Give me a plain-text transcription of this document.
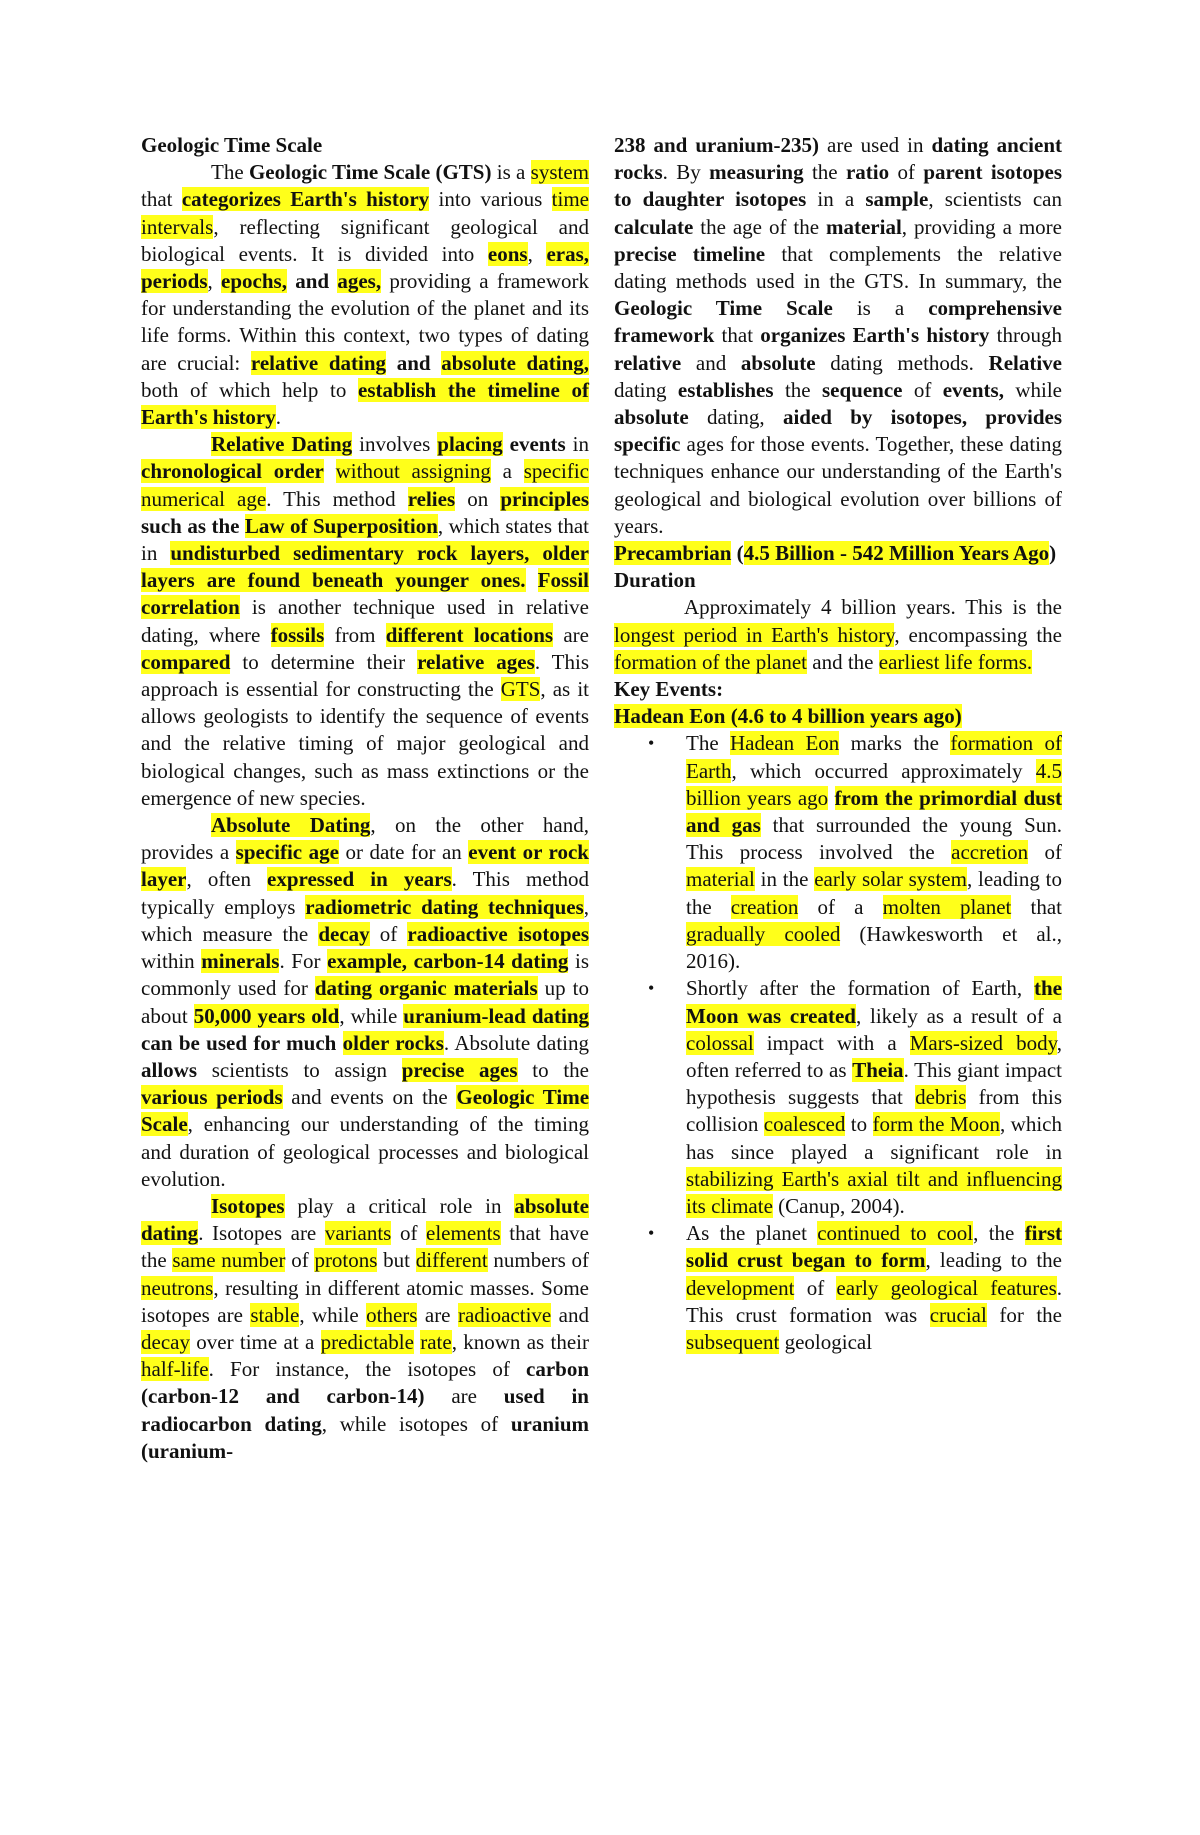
Geologic Time Scale

The Geologic Time Scale (GTS) is a system that categorizes Earth's history into various time intervals, reflecting significant geological and biological events. It is divided into eons, eras, periods, epochs, and ages, providing a framework for understanding the evolution of the planet and its life forms. Within this context, two types of dating are crucial: relative dating and absolute dating, both of which help to establish the timeline of Earth's history.

Relative Dating involves placing events in chronological order without assigning a specific numerical age. This method relies on principles such as the Law of Superposition, which states that in undisturbed sedimentary rock layers, older layers are found beneath younger ones. Fossil correlation is another technique used in relative dating, where fossils from different locations are compared to determine their relative ages. This approach is essential for constructing the GTS, as it allows geologists to identify the sequence of events and the relative timing of major geological and biological changes, such as mass extinctions or the emergence of new species.

Absolute Dating, on the other hand, provides a specific age or date for an event or rock layer, often expressed in years. This method typically employs radiometric dating techniques, which measure the decay of radioactive isotopes within minerals. For example, carbon-14 dating is commonly used for dating organic materials up to about 50,000 years old, while uranium-lead dating can be used for much older rocks. Absolute dating allows scientists to assign precise ages to the various periods and events on the Geologic Time Scale, enhancing our understanding of the timing and duration of geological processes and biological evolution.

Isotopes play a critical role in absolute dating. Isotopes are variants of elements that have the same number of protons but different numbers of neutrons, resulting in different atomic masses. Some isotopes are stable, while others are radioactive and decay over time at a predictable rate, known as their half-life. For instance, the isotopes of carbon (carbon-12 and carbon-14) are used in radiocarbon dating, while isotopes of uranium (uranium-

238 and uranium-235) are used in dating ancient rocks. By measuring the ratio of parent isotopes to daughter isotopes in a sample, scientists can calculate the age of the material, providing a more precise timeline that complements the relative dating methods used in the GTS. In summary, the Geologic Time Scale is a comprehensive framework that organizes Earth's history through relative and absolute dating methods. Relative dating establishes the sequence of events, while absolute dating, aided by isotopes, provides specific ages for those events. Together, these dating techniques enhance our understanding of the Earth's geological and biological evolution over billions of years.

Precambrian (4.5 Billion - 542 Million Years Ago)

Duration

Approximately 4 billion years. This is the longest period in Earth's history, encompassing the formation of the planet and the earliest life forms.

Key Events:

Hadean Eon (4.6 to 4 billion years ago)

• The Hadean Eon marks the formation of Earth, which occurred approximately 4.5 billion years ago from the primordial dust and gas that surrounded the young Sun. This process involved the accretion of material in the early solar system, leading to the creation of a molten planet that gradually cooled (Hawkesworth et al., 2016).
• Shortly after the formation of Earth, the Moon was created, likely as a result of a colossal impact with a Mars-sized body, often referred to as Theia. This giant impact hypothesis suggests that debris from this collision coalesced to form the Moon, which has since played a significant role in stabilizing Earth's axial tilt and influencing its climate (Canup, 2004).
• As the planet continued to cool, the first solid crust began to form, leading to the development of early geological features. This crust formation was crucial for the subsequent geological
